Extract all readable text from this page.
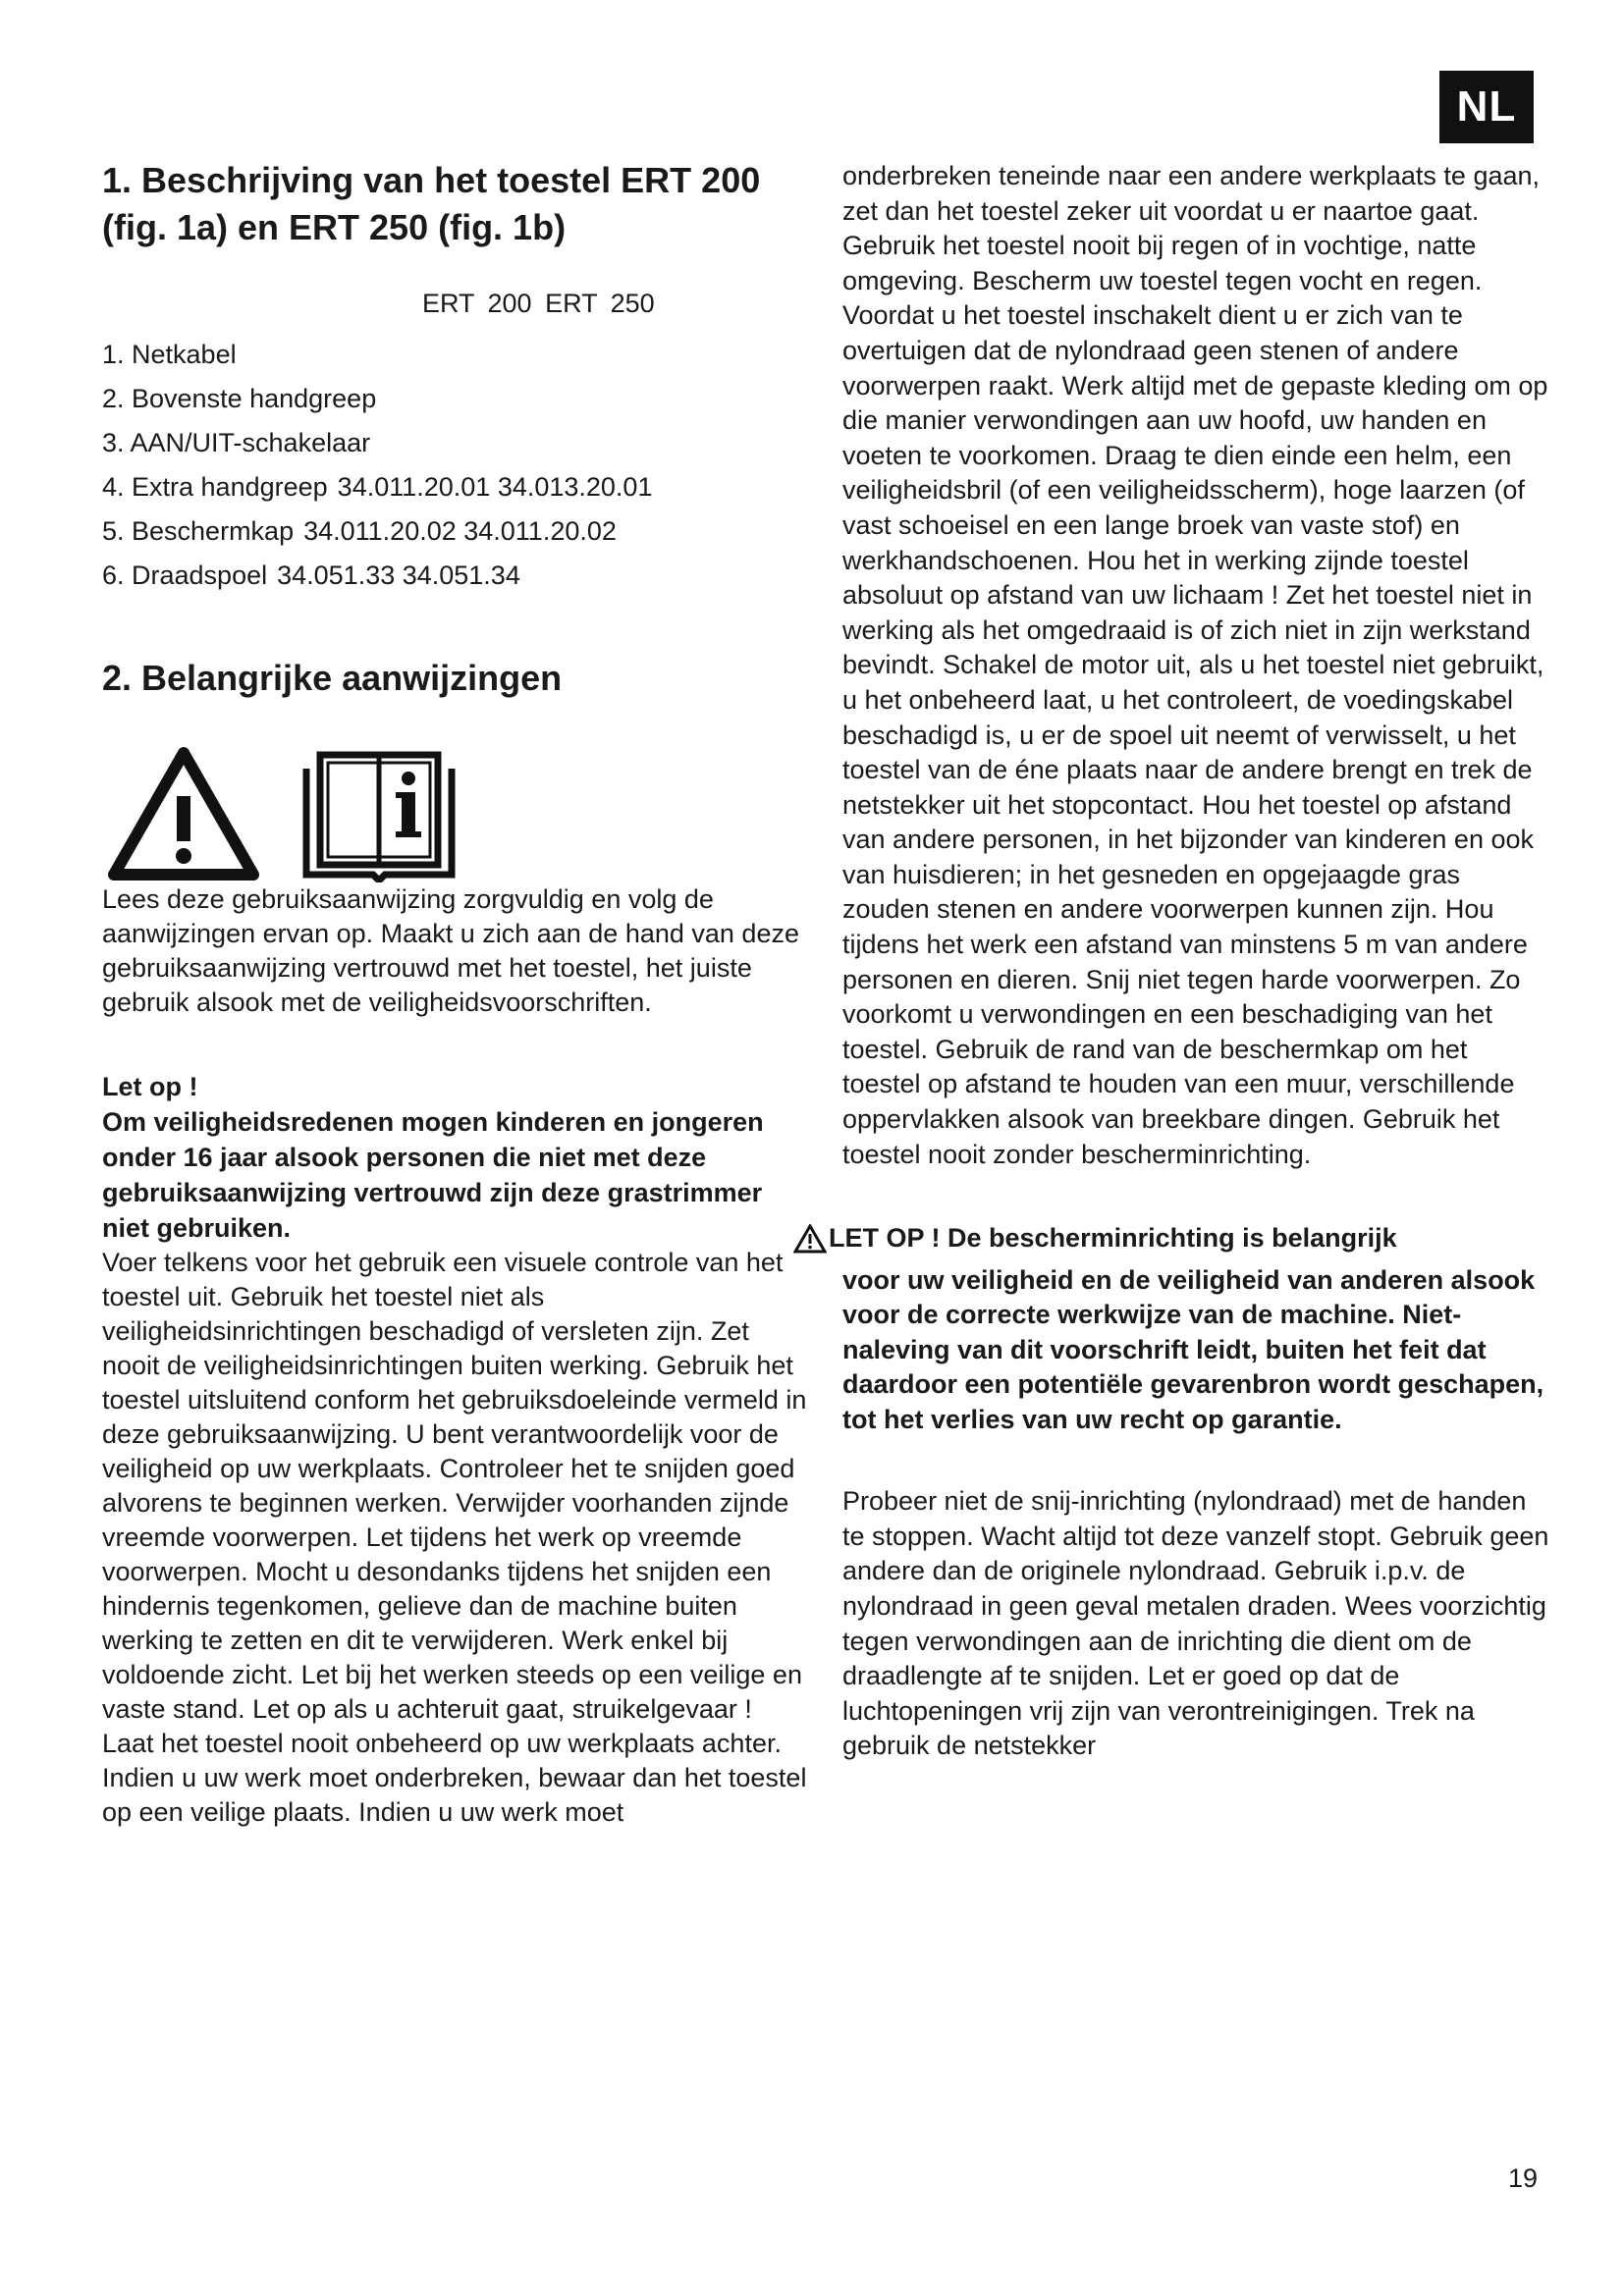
NL
1. Beschrijving van het toestel ERT 200
(fig. 1a) en ERT 250 (fig. 1b)
ERT 200 ERT 250
1. Netkabel
2. Bovenste handgreep
3. AAN/UIT-schakelaar
4. Extra handgreep 34.011.20.01 34.013.20.01
5. Beschermkap 34.011.20.02 34.011.20.02
6. Draadspoel 34.051.33 34.051.34
2. Belangrijke aanwijzingen

Lees deze gebruiksaanwijzing zorgvuldig en volg de aanwijzingen ervan op. Maakt u zich aan de hand van deze gebruiksaanwijzing vertrouwd met het toestel, het juiste gebruik alsook met de veiligheidsvoorschriften.

Let op !
Om veiligheidsredenen mogen kinderen en jongeren onder 16 jaar alsook personen die niet met deze gebruiksaanwijzing vertrouwd zijn deze grastrimmer niet gebruiken.

Voer telkens voor het gebruik een visuele controle van het toestel uit. Gebruik het toestel niet als veiligheidsinrichtingen beschadigd of versleten zijn. Zet nooit de veiligheidsinrichtingen buiten werking. Gebruik het toestel uitsluitend conform het gebruiksdoeleinde vermeld in deze gebruiksaanwijzing. U bent verantwoordelijk voor de veiligheid op uw werkplaats. Controleer het te snijden goed alvorens te beginnen werken. Verwijder voorhanden zijnde vreemde voorwerpen. Let tijdens het werk op vreemde voorwerpen. Mocht u desondanks tijdens het snijden een hindernis tegenkomen, gelieve dan de machine buiten werking te zetten en dit te verwijderen. Werk enkel bij voldoende zicht. Let bij het werken steeds op een veilige en vaste stand. Let op als u achteruit gaat, struikelgevaar ! Laat het toestel nooit onbeheerd op uw werkplaats achter. Indien u uw werk moet onderbreken, bewaar dan het toestel op een veilige plaats. Indien u uw werk moet

onderbreken teneinde naar een andere werkplaats te gaan, zet dan het toestel zeker uit voordat u er naartoe gaat. Gebruik het toestel nooit bij regen of in vochtige, natte omgeving. Bescherm uw toestel tegen vocht en regen. Voordat u het toestel inschakelt dient u er zich van te overtuigen dat de nylondraad geen stenen of andere voorwerpen raakt. Werk altijd met de gepaste kleding om op die manier verwondingen aan uw hoofd, uw handen en voeten te voorkomen. Draag te dien einde een helm, een veiligheidsbril (of een veiligheidsscherm), hoge laarzen (of vast schoeisel en een lange broek van vaste stof) en werkhandschoenen. Hou het in werking zijnde toestel absoluut op afstand van uw lichaam ! Zet het toestel niet in werking als het omgedraaid is of zich niet in zijn werkstand bevindt. Schakel de motor uit, als u het toestel niet gebruikt, u het onbeheerd laat, u het controleert, de voedingskabel beschadigd is, u er de spoel uit neemt of verwisselt, u het toestel van de éne plaats naar de andere brengt en trek de netstekker uit het stopcontact. Hou het toestel op afstand van andere personen, in het bijzonder van kinderen en ook van huisdieren; in het gesneden en opgejaagde gras zouden stenen en andere voorwerpen kunnen zijn. Hou tijdens het werk een afstand van minstens 5 m van andere personen en dieren. Snij niet tegen harde voorwerpen. Zo voorkomt u verwondingen en een beschadiging van het toestel. Gebruik de rand van de beschermkap om het toestel op afstand te houden van een muur, verschillende oppervlakken alsook van breekbare dingen. Gebruik het toestel nooit zonder bescherminrichting.

LET OP ! De bescherminrichting is belangrijk
voor uw veiligheid en de veiligheid van anderen alsook voor de correcte werkwijze van de machine. Niet-naleving van dit voorschrift leidt, buiten het feit dat daardoor een potentiële gevarenbron wordt geschapen, tot het verlies van uw recht op garantie.

Probeer niet de snij-inrichting (nylondraad) met de handen te stoppen. Wacht altijd tot deze vanzelf stopt. Gebruik geen andere dan de originele nylondraad. Gebruik i.p.v. de nylondraad in geen geval metalen draden. Wees voorzichtig tegen verwondingen aan de inrichting die dient om de draadlengte af te snijden. Let er goed op dat de luchtopeningen vrij zijn van verontreinigingen. Trek na gebruik de netstekker

19
